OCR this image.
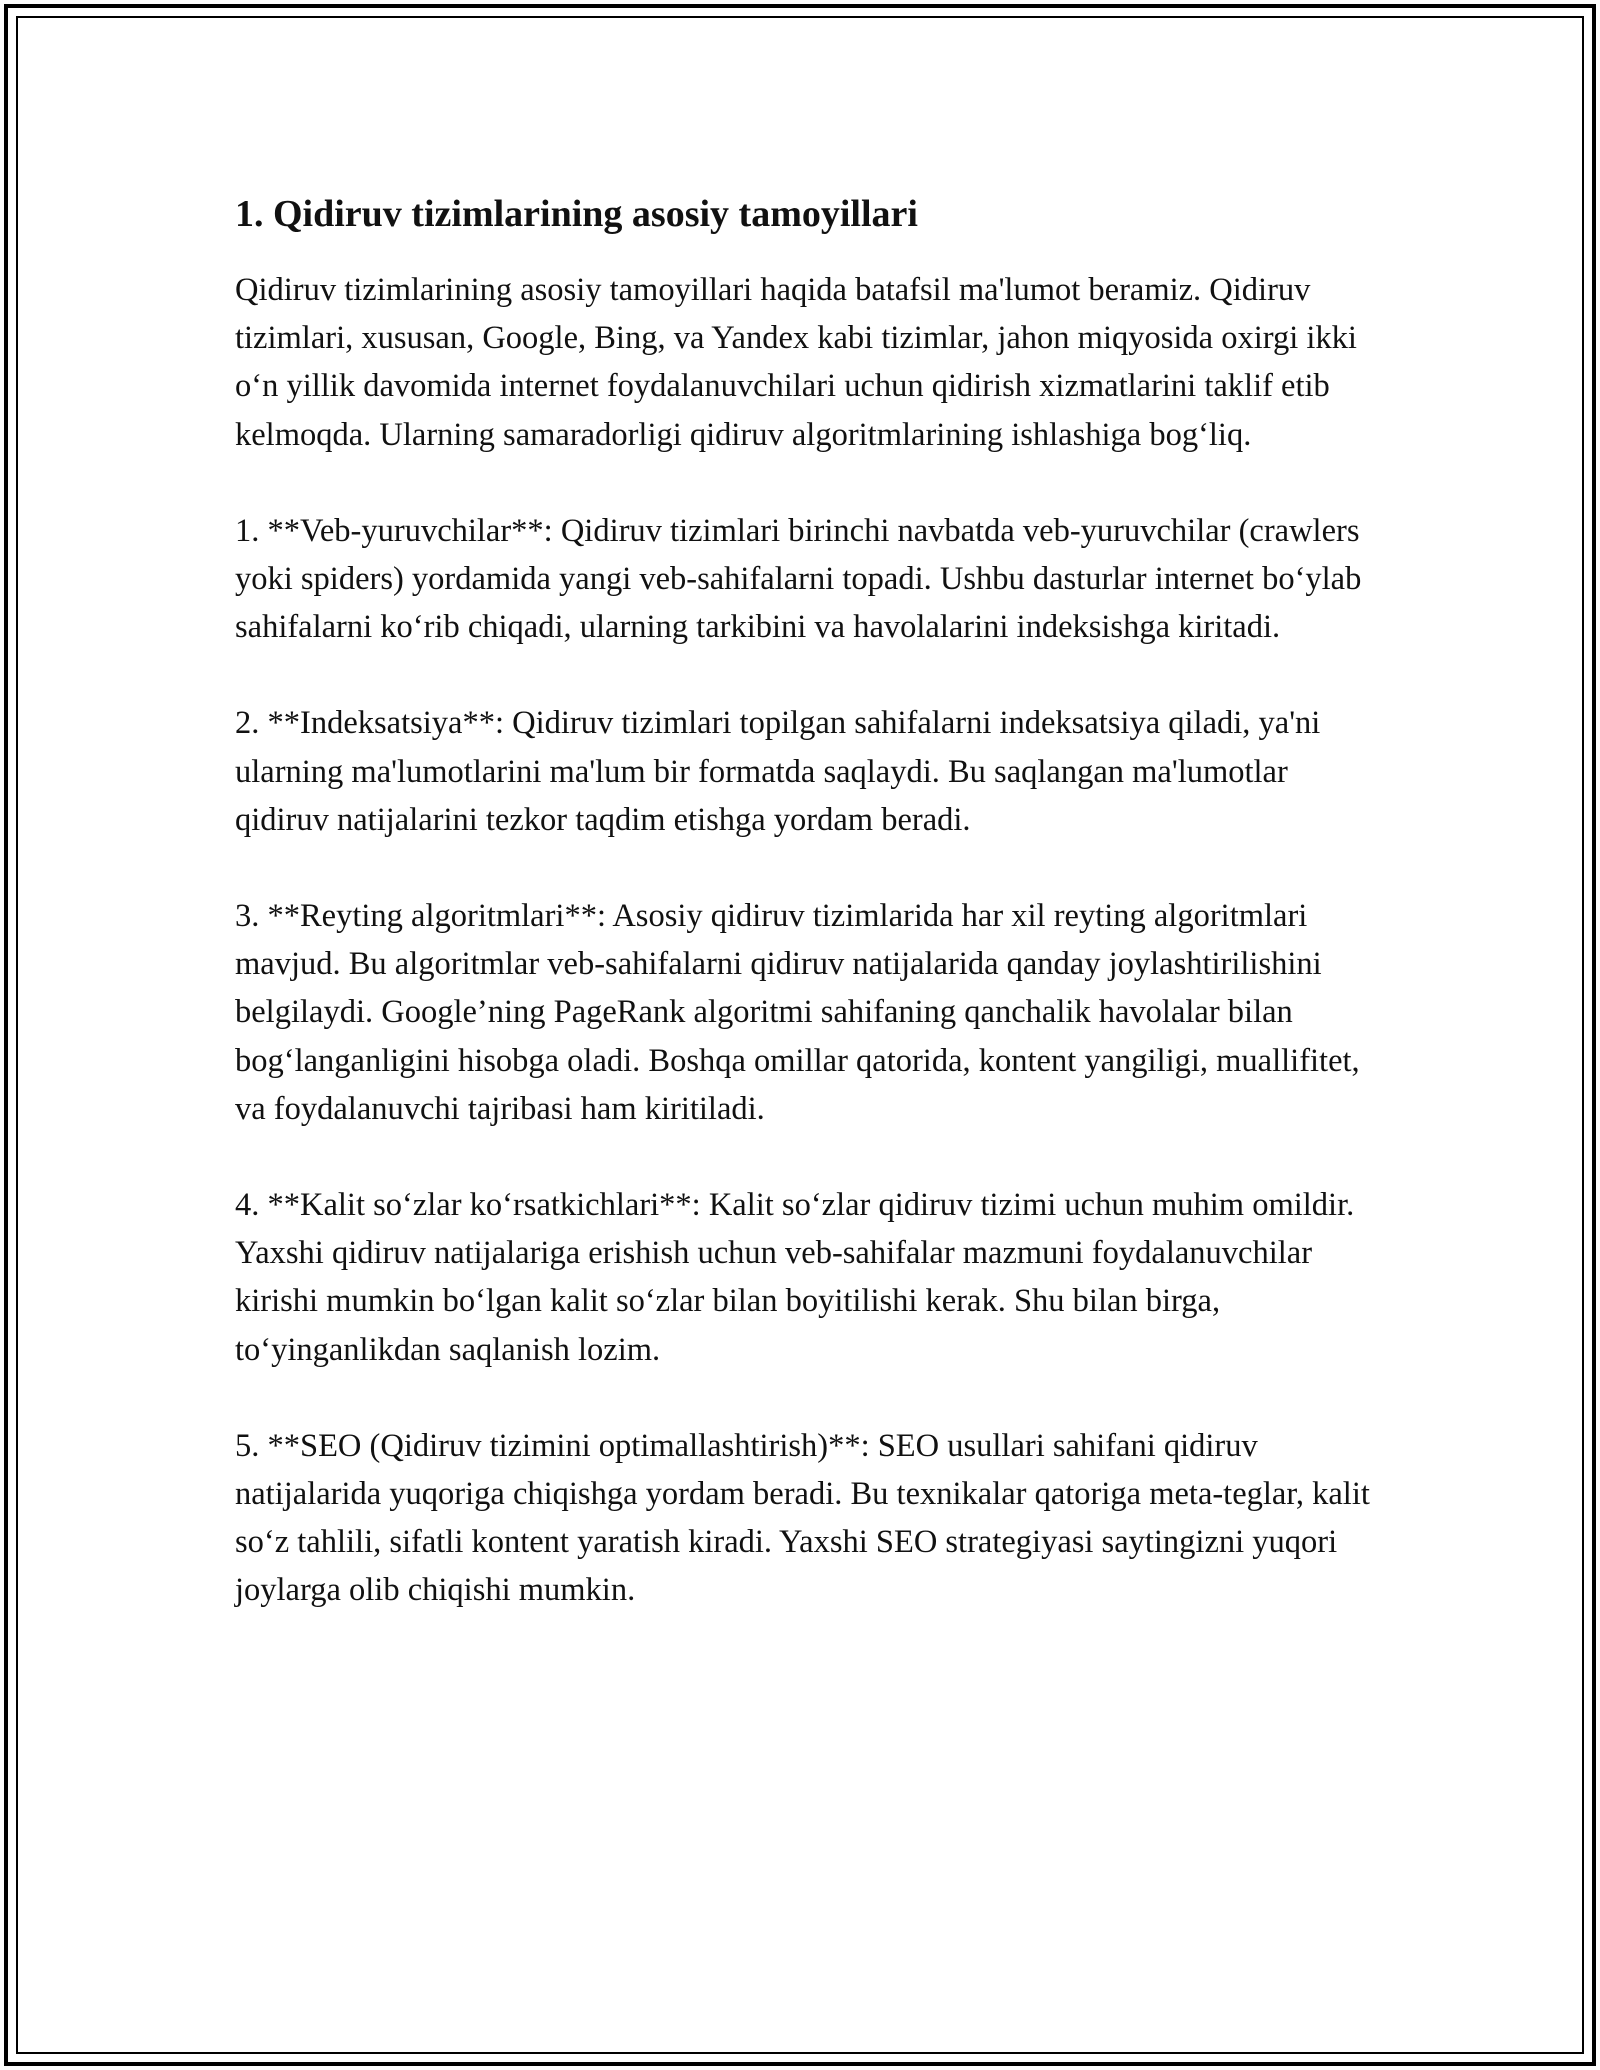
1. Qidiruv tizimlarining asosiy tamoyillari

Qidiruv tizimlarining asosiy tamoyillari haqida batafsil ma'lumot beramiz. Qidiruv tizimlari, xususan, Google, Bing, va Yandex kabi tizimlar, jahon miqyosida oxirgi ikki o‘n yillik davomida internet foydalanuvchilari uchun qidirish xizmatlarini taklif etib kelmoqda. Ularning samaradorligi qidiruv algoritmlarining ishlashiga bog‘liq.

1. **Veb-yuruvchilar**: Qidiruv tizimlari birinchi navbatda veb-yuruvchilar (crawlers yoki spiders) yordamida yangi veb-sahifalarni topadi. Ushbu dasturlar internet bo‘ylab sahifalarni ko‘rib chiqadi, ularning tarkibini va havolalarini indeksishga kiritadi.

2. **Indeksatsiya**: Qidiruv tizimlari topilgan sahifalarni indeksatsiya qiladi, ya'ni ularning ma'lumotlarini ma'lum bir formatda saqlaydi. Bu saqlangan ma'lumotlar qidiruv natijalarini tezkor taqdim etishga yordam beradi.

3. **Reyting algoritmlari**: Asosiy qidiruv tizimlarida har xil reyting algoritmlari mavjud. Bu algoritmlar veb-sahifalarni qidiruv natijalarida qanday joylashtirilishini belgilaydi. Google’ning PageRank algoritmi sahifaning qanchalik havolalar bilan bog‘langanligini hisobga oladi. Boshqa omillar qatorida, kontent yangiligi, muallifitet, va foydalanuvchi tajribasi ham kiritiladi.

4. **Kalit so‘zlar ko‘rsatkichlari**: Kalit so‘zlar qidiruv tizimi uchun muhim omildir. Yaxshi qidiruv natijalariga erishish uchun veb-sahifalar mazmuni foydalanuvchilar kirishi mumkin bo‘lgan kalit so‘zlar bilan boyitilishi kerak. Shu bilan birga, to‘yinganlikdan saqlanish lozim.

5. **SEO (Qidiruv tizimini optimallashtirish)**: SEO usullari sahifani qidiruv natijalarida yuqoriga chiqishga yordam beradi. Bu texnikalar qatoriga meta-teglar, kalit so‘z tahlili, sifatli kontent yaratish kiradi. Yaxshi SEO strategiyasi saytingizni yuqori joylarga olib chiqishi mumkin.
